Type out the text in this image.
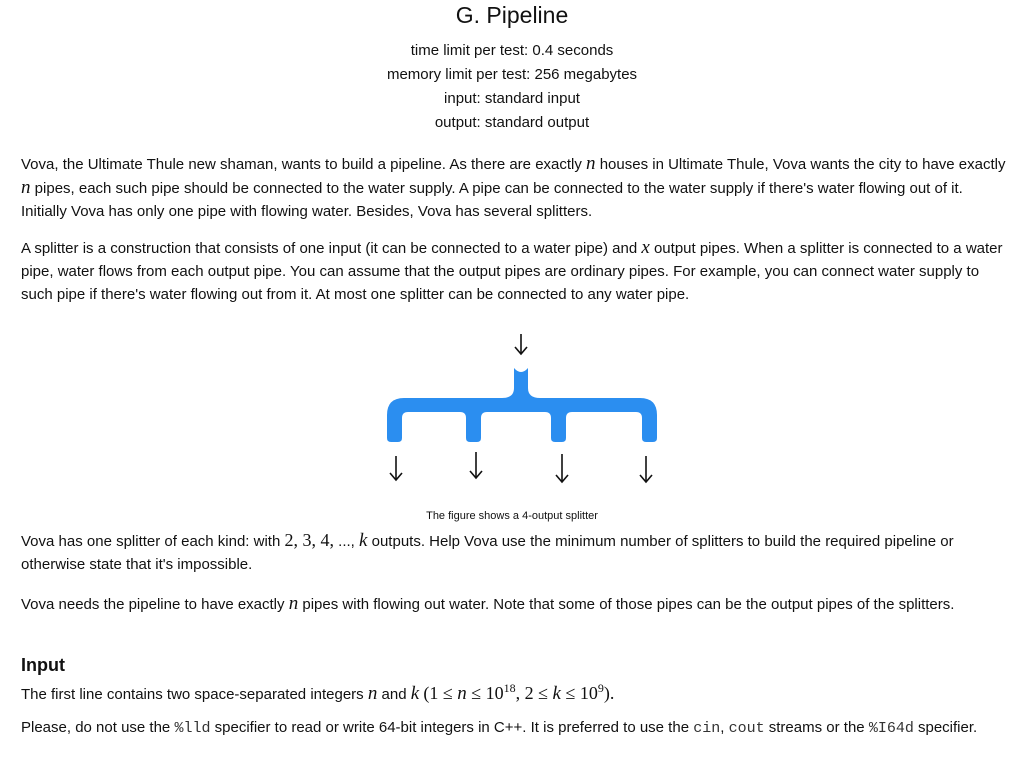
G. Pipeline
time limit per test: 0.4 seconds
memory limit per test: 256 megabytes
input: standard input
output: standard output
Vova, the Ultimate Thule new shaman, wants to build a pipeline. As there are exactly n houses in Ultimate Thule, Vova wants the city to have exactly n pipes, each such pipe should be connected to the water supply. A pipe can be connected to the water supply if there's water flowing out of it. Initially Vova has only one pipe with flowing water. Besides, Vova has several splitters.
A splitter is a construction that consists of one input (it can be connected to a water pipe) and x output pipes. When a splitter is connected to a water pipe, water flows from each output pipe. You can assume that the output pipes are ordinary pipes. For example, you can connect water supply to such pipe if there's water flowing out from it. At most one splitter can be connected to any water pipe.
The figure shows a 4-output splitter
Vova has one splitter of each kind: with 2, 3, 4, ..., k outputs. Help Vova use the minimum number of splitters to build the required pipeline or otherwise state that it's impossible.
Vova needs the pipeline to have exactly n pipes with flowing out water. Note that some of those pipes can be the output pipes of the splitters.
Input
The first line contains two space-separated integers n and k ($1 \le n \le 10^{18}$, $2 \le k \le 10^9$).
Please, do not use the %lld specifier to read or write 64-bit integers in C++. It is preferred to use the cin, cout streams or the %I64d specifier.
